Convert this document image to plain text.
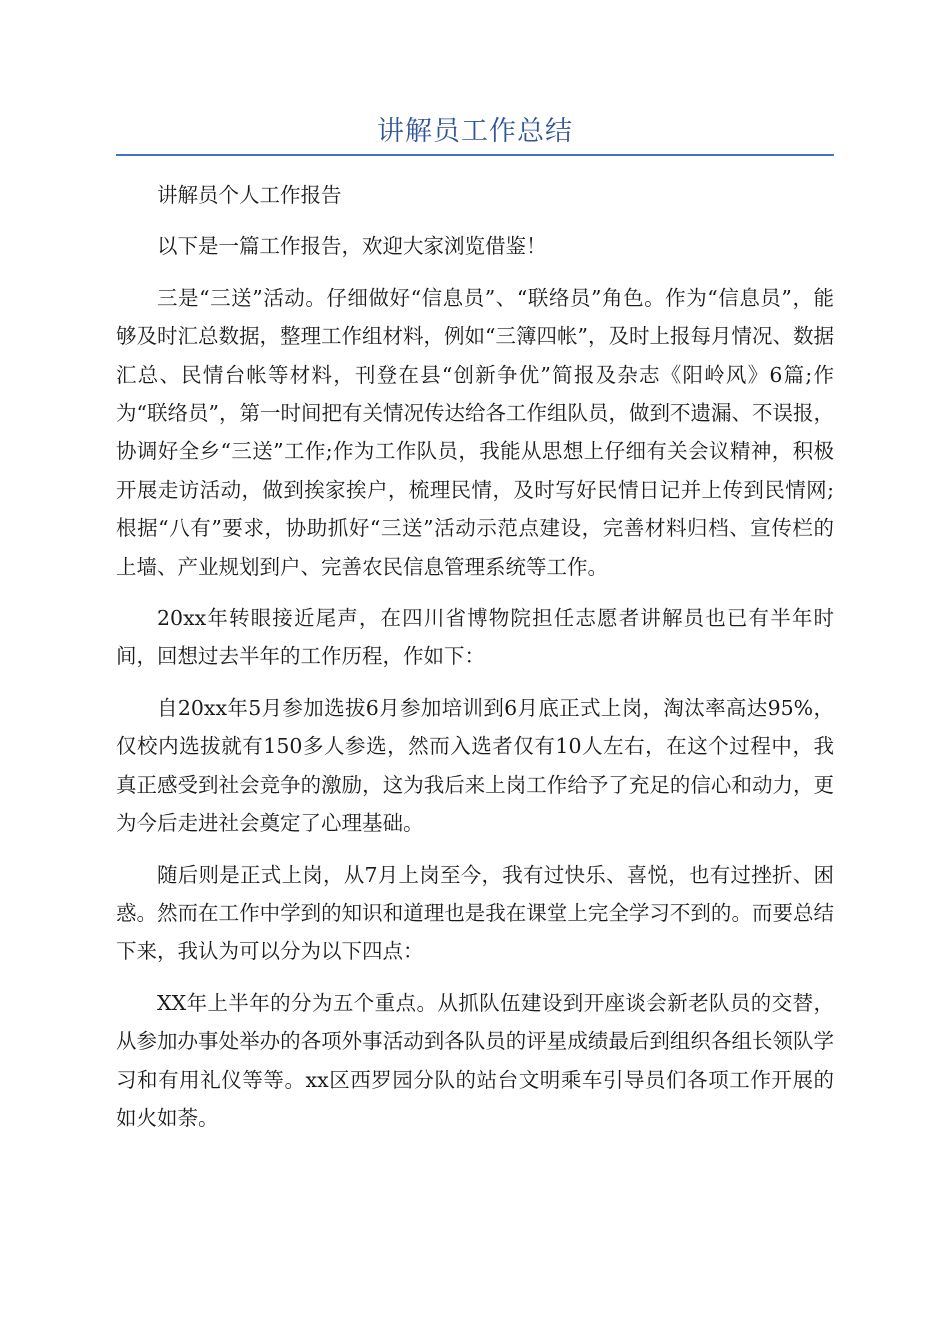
讲解员工作总结

讲解员个人工作报告

以下是一篇工作报告，欢迎大家浏览借鉴！

三是“三送”活动。仔细做好“信息员”、“联络员”角色。作为“信息员”，能够及时汇总数据，整理工作组材料，例如“三簿四帐”，及时上报每月情况、数据汇总、民情台帐等材料，刊登在县“创新争优”简报及杂志《阳岭风》6篇;作为“联络员”，第一时间把有关情况传达给各工作组队员，做到不遗漏、不误报，协调好全乡“三送”工作;作为工作队员，我能从思想上仔细有关会议精神，积极开展走访活动，做到挨家挨户，梳理民情，及时写好民情日记并上传到民情网;根据“八有”要求，协助抓好“三送”活动示范点建设，完善材料归档、宣传栏的上墙、产业规划到户、完善农民信息管理系统等工作。

20xx年转眼接近尾声，在四川省博物院担任志愿者讲解员也已有半年时间，回想过去半年的工作历程，作如下：

自20xx年5月参加选拔6月参加培训到6月底正式上岗，淘汰率高达95%，仅校内选拔就有150多人参选，然而入选者仅有10人左右，在这个过程中，我真正感受到社会竞争的激励，这为我后来上岗工作给予了充足的信心和动力，更为今后走进社会奠定了心理基础。

随后则是正式上岗，从7月上岗至今，我有过快乐、喜悦，也有过挫折、困惑。然而在工作中学到的知识和道理也是我在课堂上完全学习不到的。而要总结下来，我认为可以分为以下四点：

XX年上半年的分为五个重点。从抓队伍建设到开座谈会新老队员的交替，从参加办事处举办的各项外事活动到各队员的评星成绩最后到组织各组长领队学习和有用礼仪等等。xx区西罗园分队的站台文明乘车引导员们各项工作开展的如火如荼。
